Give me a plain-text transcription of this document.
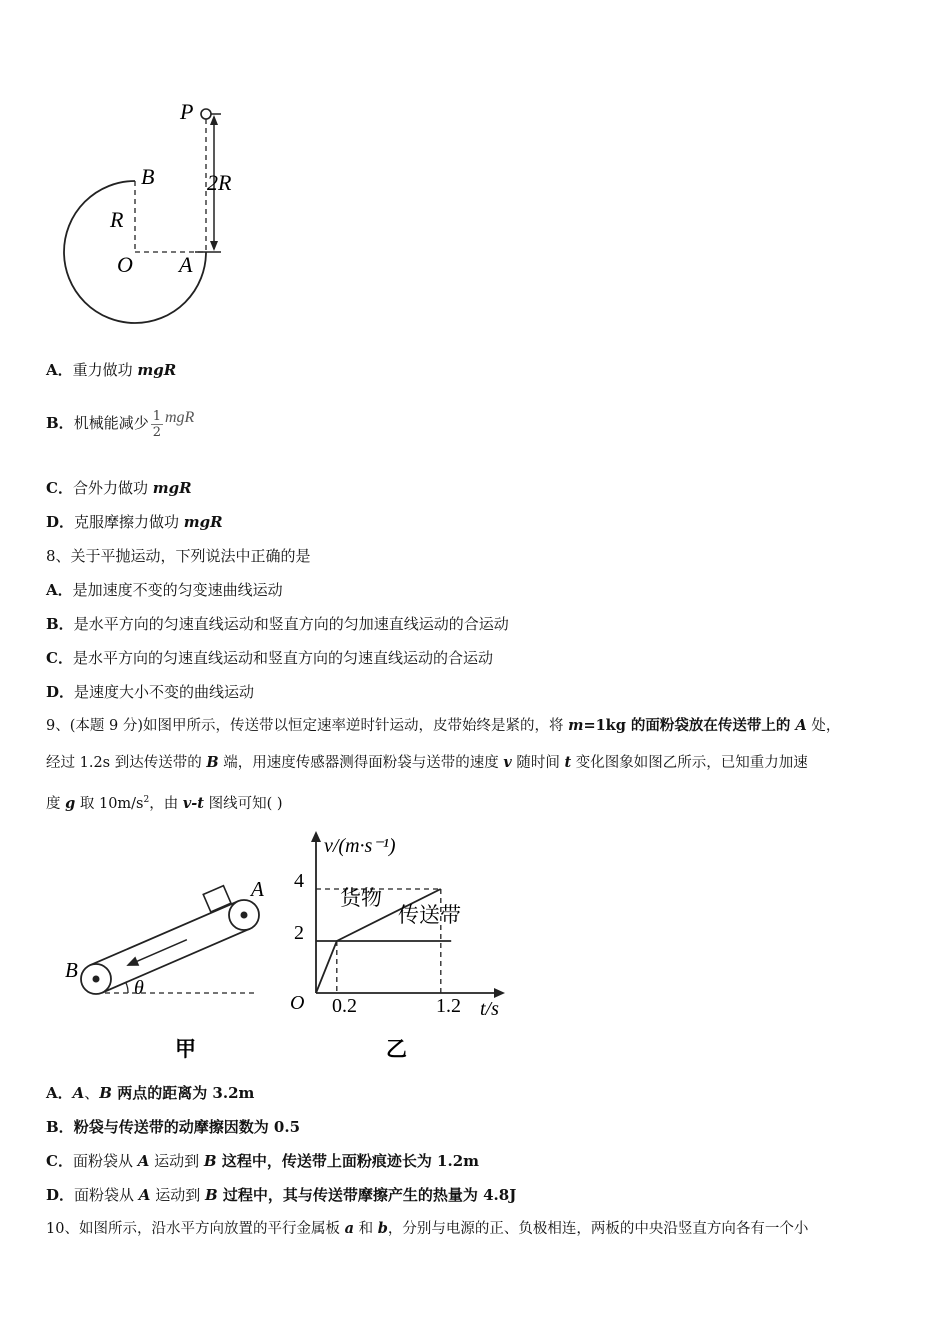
P
B
R
O A
2R
A．重力做功 mgR
B．机械能减少 $\frac{1}{2}$ mgR
C．合外力做功 mgR
D．克服摩擦力做功 mgR
8、关于平抛运动，下列说法中正确的是
A．是加速度不变的匀变速曲线运动
B．是水平方向的匀速直线运动和竖直方向的匀加速直线运动的合运动
C．是水平方向的匀速直线运动和竖直方向的匀速直线运动的合运动
D．是速度大小不变的曲线运动
9、(本题 9 分)如图甲所示，传送带以恒定速率逆时针运动，皮带始终是紧的，将 m=1kg 的面粉袋放在传送带上的 A 处，
经过 1.2s 到达传送带的 B 端，用速度传感器测得面粉袋与送带的速度 v 随时间 t 变化图象如图乙所示，已知重力加速
度 g 取 $10m/s^2$，由 v-t 图线可知( )
A
B
θ
甲
v/(m·s⁻¹)
t/s
O
4
2
0.2	1.2
货物
传送带
乙
A．A、B 两点的距离为 3.2m
B．粉袋与传送带的动摩擦因数为 0.5
C．面粉袋从 A 运动到 B 这程中，传送带上面粉痕迹长为 1.2m
D．面粉袋从 A 运动到 B 过程中，其与传送带摩擦产生的热量为 4.8J
10、如图所示，沿水平方向放置的平行金属板 a 和 b，分别与电源的正、负极相连，两板的中央沿竖直方向各有一个小
